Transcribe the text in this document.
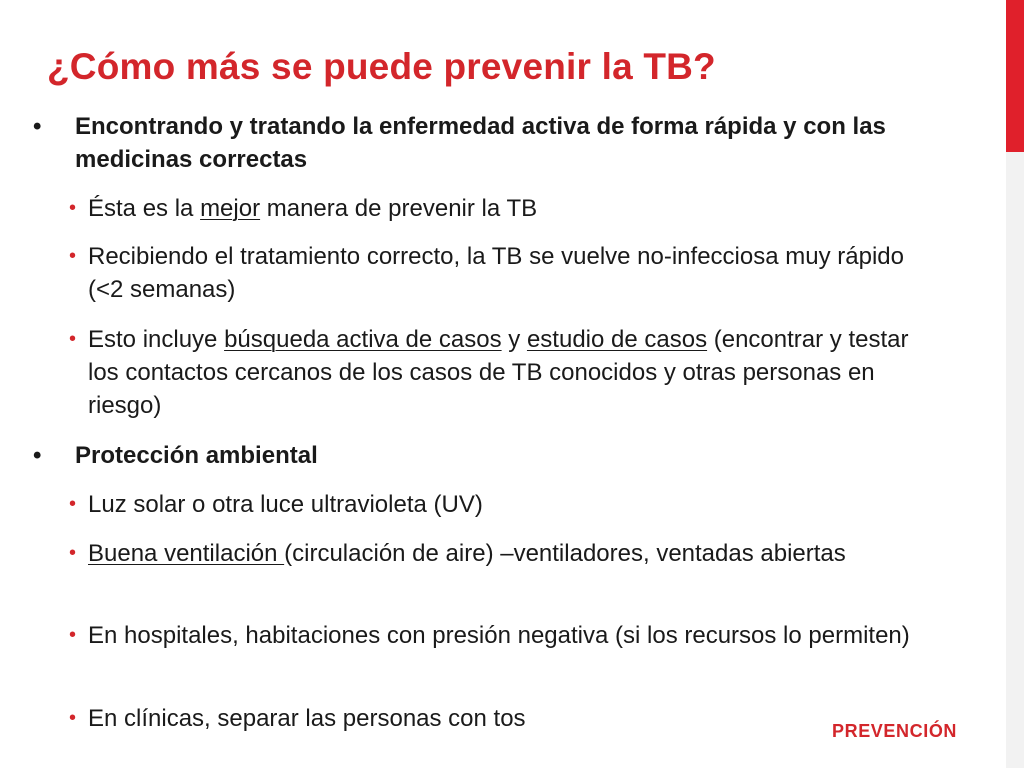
¿Cómo más se puede prevenir la TB?
•	Encontrando y tratando la enfermedad activa de forma rápida y con las medicinas correctas
• Ésta es la mejor manera de prevenir la TB
• Recibiendo el tratamiento correcto, la TB se vuelve no-infecciosa muy rápido (<2 semanas)
• Esto incluye búsqueda activa de casos y estudio de casos (encontrar y testar los contactos cercanos de los casos de TB conocidos y otras personas en riesgo)
•	Protección ambiental
• Luz solar o otra luce ultravioleta (UV)
• Buena ventilación (circulación de aire) –ventiladores, ventadas abiertas
• En hospitales, habitaciones con presión negativa (si los recursos lo permiten)
• En clínicas, separar las personas con tos	PREVENCIÓN
